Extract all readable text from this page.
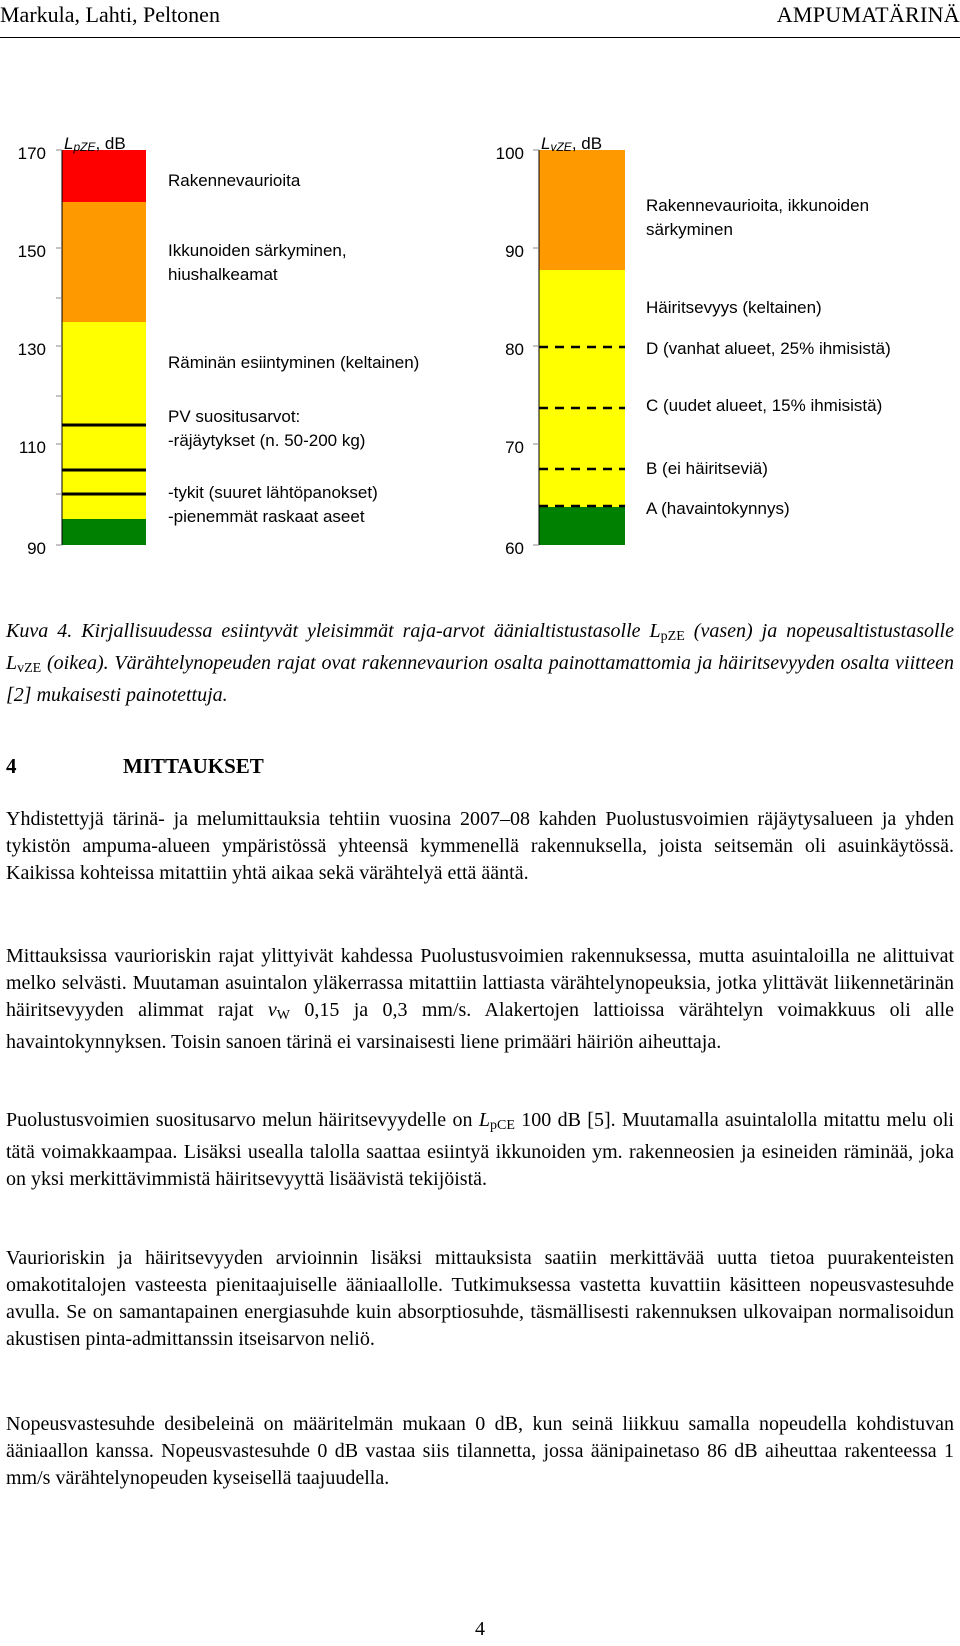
Markula, Lahti, Peltonen	AMPUMATÄRINÄ
LpZE, dB
170
150
130
110
90
Rakennevaurioita
Ikkunoiden särkyminen,
hiushalkeamat
Räminän esiintyminen (keltainen)
PV suositusarvot:
-räjäytykset (n. 50-200 kg)
-tykit (suuret lähtöpanokset)
-pienemmät raskaat aseet
LvZE, dB
100
90
80
70
60
Rakennevaurioita, ikkunoiden
särkyminen
Häiritsevyys (keltainen)
D (vanhat alueet, 25% ihmisistä)
C (uudet alueet, 15% ihmisistä)
B (ei häiritseviä)
A (havaintokynnys)
Kuva 4. Kirjallisuudessa esiintyvät yleisimmät raja-arvot äänialtistustasolle $L_{pZE}$ (vasen) ja nopeusaltistustasolle $L_{vZE}$ (oikea). Värähtelynopeuden rajat ovat rakennevaurion osalta painottamattomia ja häiritsevyyden osalta viitteen [2] mukaisesti painotettuja.
4	MITTAUKSET
Yhdistettyjä tärinä- ja melumittauksia tehtiin vuosina 2007–08 kahden Puolustusvoimien räjäytysalueen ja yhden tykistön ampuma-alueen ympäristössä yhteensä kymmenellä rakennuksella, joista seitsemän oli asuinkäytössä. Kaikissa kohteissa mitattiin yhtä aikaa sekä värähtelyä että ääntä.
Mittauksissa vaurioriskin rajat ylittyivät kahdessa Puolustusvoimien rakennuksessa, mutta asuintaloilla ne alittuivat melko selvästi. Muutaman asuintalon yläkerrassa mitattiin lattiasta värähtelynopeuksia, jotka ylittävät liikennetärinän häiritsevyyden alimmat rajat $v_W$ 0,15 ja 0,3 mm/s. Alakertojen lattioissa värähtelyn voimakkuus oli alle havaintokynnyksen. Toisin sanoen tärinä ei varsinaisesti liene primääri häiriön aiheuttaja.
Puolustusvoimien suositusarvo melun häiritsevyydelle on $L_{pCE}$ 100 dB [5]. Muutamalla asuintalolla mitattu melu oli tätä voimakkaampaa. Lisäksi usealla talolla saattaa esiintyä ikkunoiden ym. rakenneosien ja esineiden räminää, joka on yksi merkittävimmistä häiritsevyyttä lisäävistä tekijöistä.
Vaurioriskin ja häiritsevyyden arvioinnin lisäksi mittauksista saatiin merkittävää uutta tietoa puurakenteisten omakotitalojen vasteesta pienitaajuiselle ääniaallolle. Tutkimuksessa vastetta kuvattiin käsitteen nopeusvastesuhde avulla. Se on samantapainen energiasuhde kuin absorptiosuhde, täsmällisesti rakennuksen ulkovaipan normalisoidun akustisen pinta-admittanssin itseisarvon neliö.
Nopeusvastesuhde desibeleinä on määritelmän mukaan 0 dB, kun seinä liikkuu samalla nopeudella kohdistuvan ääniaallon kanssa. Nopeusvastesuhde 0 dB vastaa siis tilannetta, jossa äänipainetaso 86 dB aiheuttaa rakenteessa 1 mm/s värähtelynopeuden kyseisellä taajuudella.
4
